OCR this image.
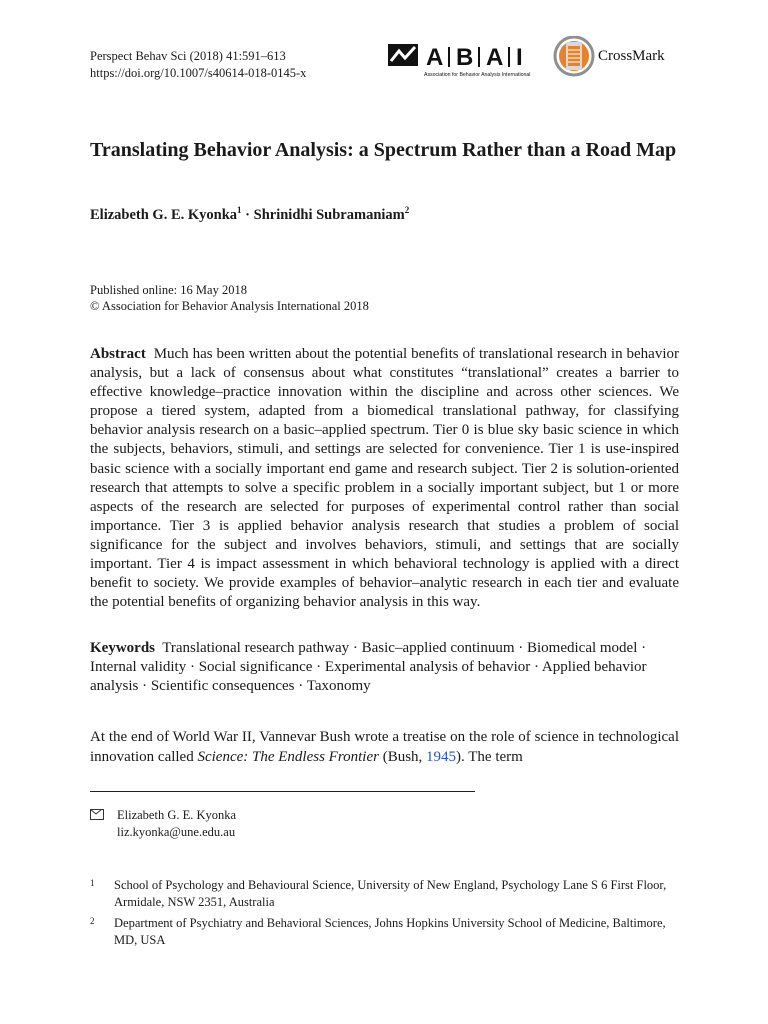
Perspect Behav Sci (2018) 41:591–613
https://doi.org/10.1007/s40614-018-0145-x
A B A I
Association for Behavior Analysis International
CrossMark
Translating Behavior Analysis: a Spectrum Rather than a Road Map
Elizabeth G. E. Kyonka$^1$ · Shrinidhi Subramaniam$^2$
Published online: 16 May 2018
© Association for Behavior Analysis International 2018
Abstract Much has been written about the potential benefits of translational research in behavior analysis, but a lack of consensus about what constitutes “translational” creates a barrier to effective knowledge–practice innovation within the discipline and across other sciences. We propose a tiered system, adapted from a biomedical translational pathway, for classifying behavior analysis research on a basic–applied spectrum. Tier 0 is blue sky basic science in which the subjects, behaviors, stimuli, and settings are selected for convenience. Tier 1 is use-inspired basic science with a socially important end game and research subject. Tier 2 is solution-oriented research that attempts to solve a specific problem in a socially important subject, but 1 or more aspects of the research are selected for purposes of experimental control rather than social importance. Tier 3 is applied behavior analysis research that studies a problem of social significance for the subject and involves behaviors, stimuli, and settings that are socially important. Tier 4 is impact assessment in which behavioral technology is applied with a direct benefit to society. We provide examples of behavior–analytic research in each tier and evaluate the potential benefits of organizing behavior analysis in this way.
Keywords Translational research pathway · Basic–applied continuum · Biomedical model · Internal validity · Social significance · Experimental analysis of behavior · Applied behavior analysis · Scientific consequences · Taxonomy
At the end of World War II, Vannevar Bush wrote a treatise on the role of science in technological innovation called Science: The Endless Frontier (Bush, 1945). The term
Elizabeth G. E. Kyonka
liz.kyonka@une.edu.au
1 School of Psychology and Behavioural Science, University of New England, Psychology Lane S 6 First Floor, Armidale, NSW 2351, Australia
2 Department of Psychiatry and Behavioral Sciences, Johns Hopkins University School of Medicine, Baltimore, MD, USA
